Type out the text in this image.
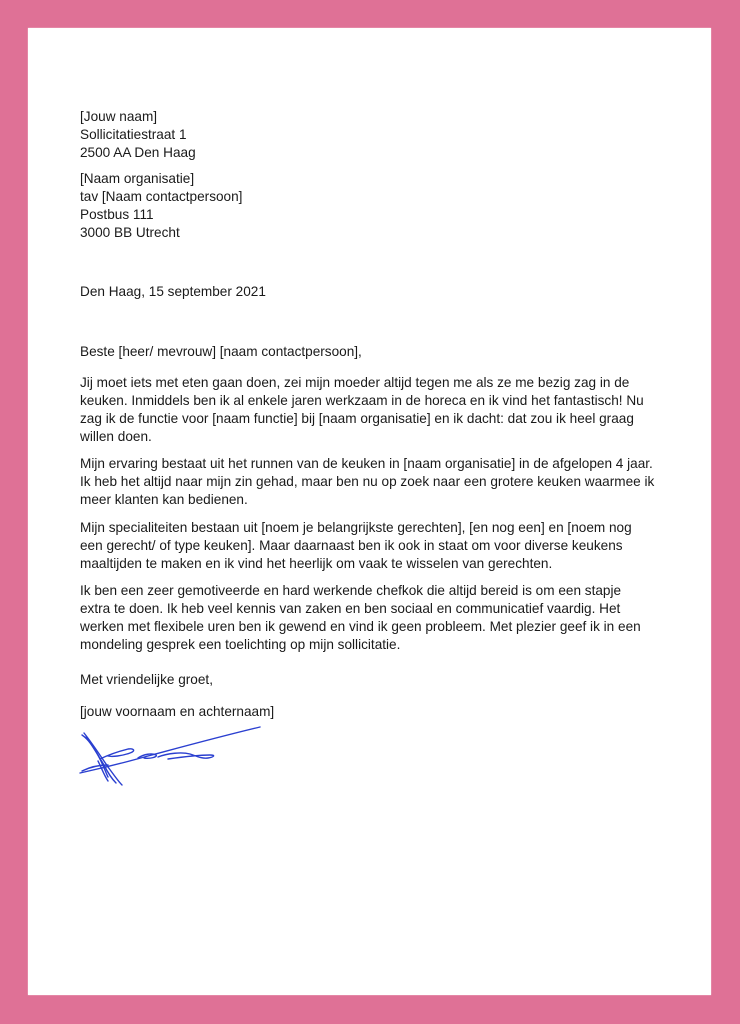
[Jouw naam]
Sollicitatiestraat 1
2500 AA Den Haag
[Naam organisatie]
tav [Naam contactpersoon]
Postbus 111
3000 BB Utrecht
Den Haag, 15 september 2021
Beste [heer/ mevrouw] [naam contactpersoon],
Jij moet iets met eten gaan doen, zei mijn moeder altijd tegen me als ze me bezig zag in de
keuken. Inmiddels ben ik al enkele jaren werkzaam in de horeca en ik vind het fantastisch! Nu
zag ik de functie voor [naam functie] bij [naam organisatie] en ik dacht: dat zou ik heel graag
willen doen.
Mijn ervaring bestaat uit het runnen van de keuken in [naam organisatie] in de afgelopen 4 jaar.
Ik heb het altijd naar mijn zin gehad, maar ben nu op zoek naar een grotere keuken waarmee ik
meer klanten kan bedienen.
Mijn specialiteiten bestaan uit [noem je belangrijkste gerechten], [en nog een] en [noem nog
een gerecht/ of type keuken]. Maar daarnaast ben ik ook in staat om voor diverse keukens
maaltijden te maken en ik vind het heerlijk om vaak te wisselen van gerechten.
Ik ben een zeer gemotiveerde en hard werkende chefkok die altijd bereid is om een stapje
extra te doen. Ik heb veel kennis van zaken en ben sociaal en communicatief vaardig. Het
werken met flexibele uren ben ik gewend en vind ik geen probleem. Met plezier geef ik in een
mondeling gesprek een toelichting op mijn sollicitatie.
Met vriendelijke groet,
[jouw voornaam en achternaam]
